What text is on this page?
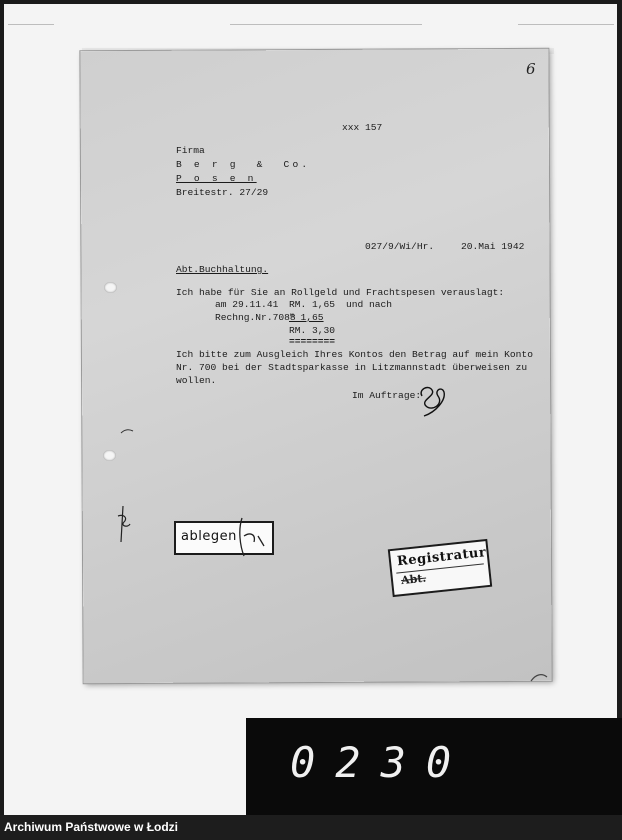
6
xxx 157
Firma
B e r g  &  Co.
P o s e n
Breitestr. 27/29
027/9/Wi/Hr.	20.Mai 1942
Abt.Buchhaltung.
Ich habe für Sie an Rollgeld und Frachtspesen verauslagt:
am 29.11.41 RM. 1,65 und nach
Rechng.Nr.7088
" 1,65
RM. 3,30
========
Ich bitte zum Ausgleich Ihres Kontos den Betrag auf mein Konto
Nr. 700 bei der Stadtsparkasse in Litzmannstadt überweisen zu
wollen.
Im Auftrage:
ablegen
Registratur
Abt.
0230
Archiwum Państwowe w Łodzi
